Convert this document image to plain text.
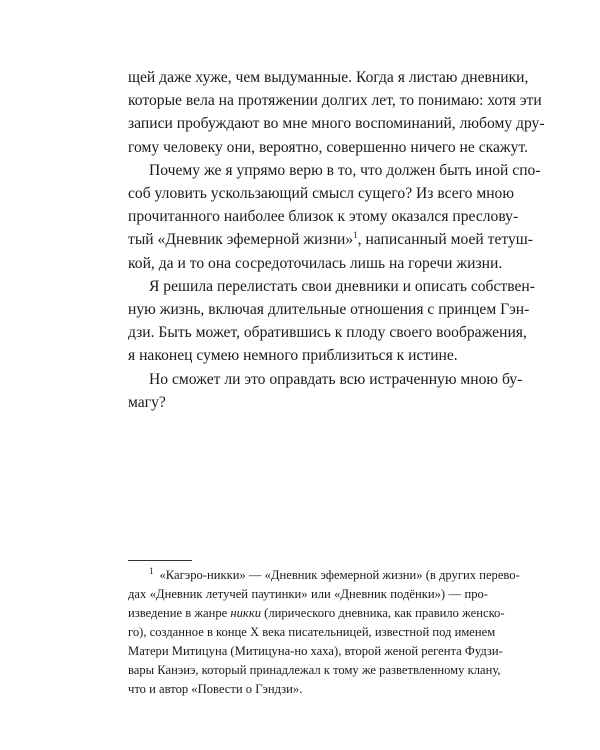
щей даже хуже, чем выдуманные. Когда я листаю дневники,
которые вела на протяжении долгих лет, то понимаю: хотя эти
записи пробуждают во мне много воспоминаний, любому дру-
гому человеку они, вероятно, совершенно ничего не скажут.
Почему же я упрямо верю в то, что должен быть иной спо-
соб уловить ускользающий смысл сущего? Из всего мною
прочитанного наиболее близок к этому оказался преслову-
тый «Дневник эфемерной жизни»$^1$, написанный моей тетуш-
кой, да и то она сосредоточилась лишь на горечи жизни.
Я решила перелистать свои дневники и описать собствен-
ную жизнь, включая длительные отношения с принцем Гэн-
дзи. Быть может, обратившись к плоду своего воображения,
я наконец сумею немного приблизиться к истине.
Но сможет ли это оправдать всю истраченную мною бу-
магу?
$^1$ «Кагэро-никки» — «Дневник эфемерной жизни» (в других перево-
дах «Дневник летучей паутинки» или «Дневник подёнки») — про-
изведение в жанре никки (лирического дневника, как правило женско-
го), созданное в конце X века писательницей, известной под именем
Матери Митицуна (Митицуна-но хаха), второй женой регента Фудзи-
вары Канэиэ, который принадлежал к тому же разветвленному клану,
что и автор «Повести о Гэндзи».
